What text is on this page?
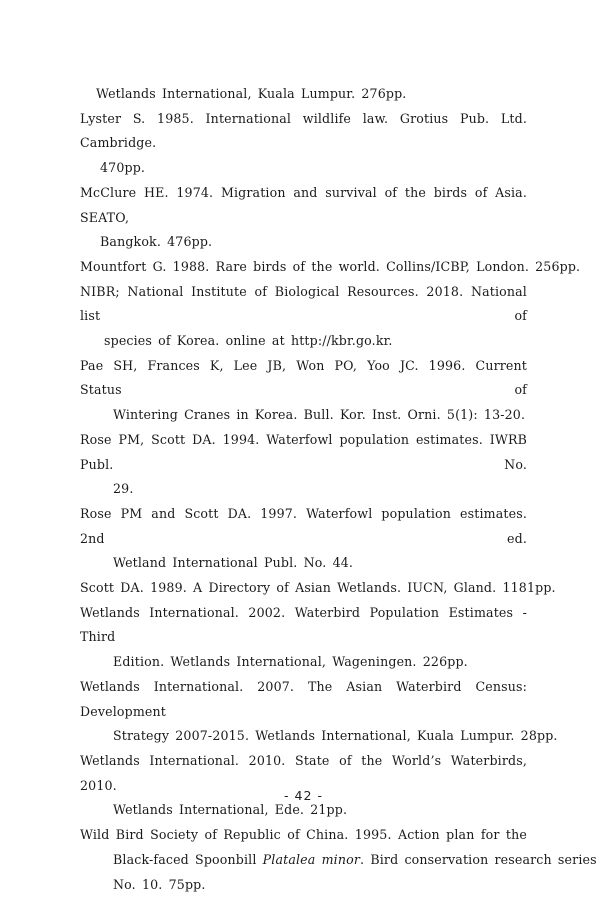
Wetlands International, Kuala Lumpur. 276pp.

Lyster S. 1985. International wildlife law. Grotius Pub. Ltd. Cambridge.
470pp.

McClure HE. 1974. Migration and survival of the birds of Asia. SEATO,
Bangkok. 476pp.

Mountfort G. 1988. Rare birds of the world. Collins/ICBP, London. 256pp.

NIBR; National Institute of Biological Resources. 2018. National list of
species of Korea. online at http://kbr.go.kr.

Pae SH, Frances K, Lee JB, Won PO, Yoo JC. 1996. Current Status of
Wintering Cranes in Korea. Bull. Kor. Inst. Orni. 5(1): 13-20.

Rose PM, Scott DA. 1994. Waterfowl population estimates. IWRB Publ. No.
29.

Rose PM and Scott DA. 1997. Waterfowl population estimates. 2nd ed.
Wetland International Publ. No. 44.

Scott DA. 1989. A Directory of Asian Wetlands. IUCN, Gland. 1181pp.

Wetlands International. 2002. Waterbird Population Estimates - Third
Edition. Wetlands International, Wageningen. 226pp.

Wetlands International. 2007. The Asian Waterbird Census: Development
Strategy 2007-2015. Wetlands International, Kuala Lumpur. 28pp.

Wetlands International. 2010. State of the World’s Waterbirds, 2010.
Wetlands International, Ede. 21pp.

Wild Bird Society of Republic of China. 1995. Action plan for the
Black-faced Spoonbill Platalea minor. Bird conservation research series
No. 10. 75pp.

- 42 -
